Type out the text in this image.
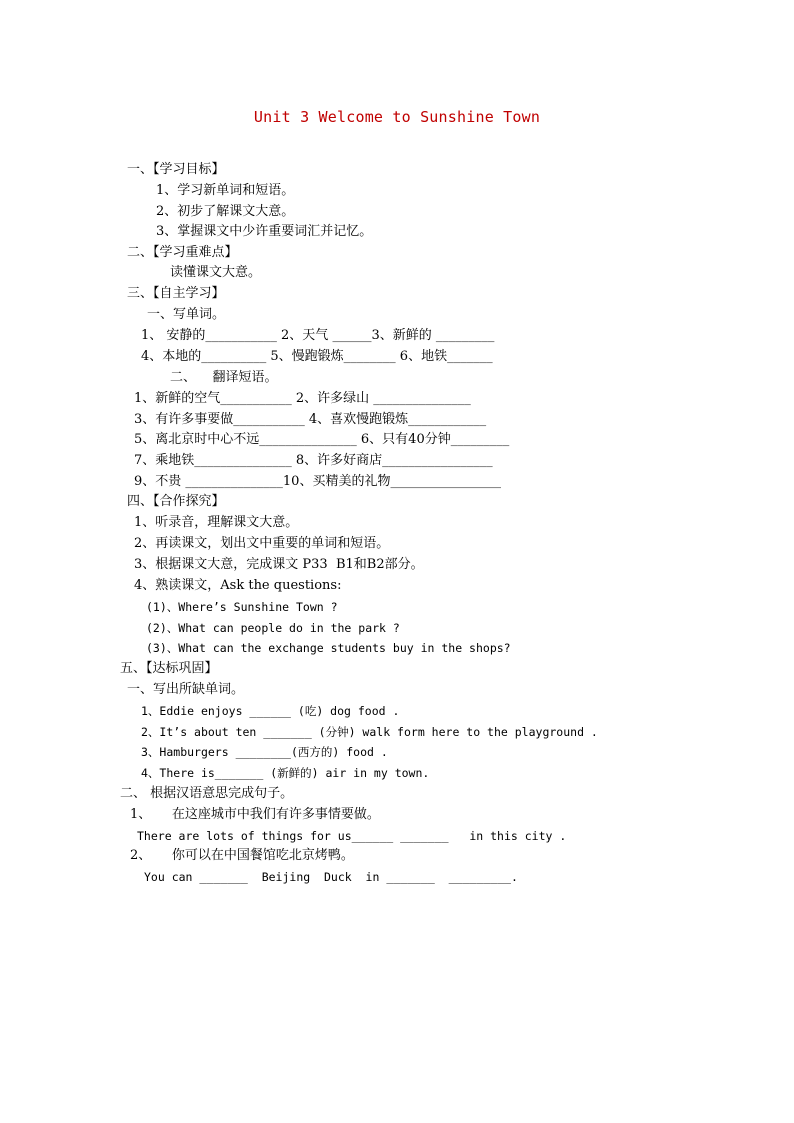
Unit 3 Welcome to Sunshine Town
一、【学习目标】
1、学习新单词和短语。
2、初步了解课文大意。
3、掌握课文中少许重要词汇并记忆。
二、【学习重难点】
读懂课文大意。
三、【自主学习】
一、写单词。
1、 安静的___________ 2、天气 ______3、新鲜的 _________
4、本地的__________ 5、慢跑锻炼________ 6、地铁_______
二、    翻译短语。
1、新鲜的空气___________ 2、许多绿山 _______________
3、有许多事要做___________ 4、喜欢慢跑锻炼____________
5、离北京时中心不远_______________ 6、只有40分钟_________
7、乘地铁_______________ 8、许多好商店_________________
9、不贵 _______________10、买精美的礼物_________________
四、【合作探究】
1、听录音，理解课文大意。
2、再读课文，划出文中重要的单词和短语。
3、根据课文大意，完成课文 P33  B1和B2部分。
4、熟读课文，Ask the questions:
(1)、Where’s Sunshine Town ?
(2)、What can people do in the park ?
(3)、What can the exchange students buy in the shops?
五、【达标巩固】
一、写出所缺单词。
1、Eddie enjoys ______ (吃) dog food .
2、It’s about ten _______ (分钟) walk form here to the playground .
3、Hamburgers ________(西方的) food .
4、There is_______ (新鲜的) air in my town.
二、 根据汉语意思完成句子。
1、     在这座城市中我们有许多事情要做。
There are lots of things for us______ _______   in this city .
2、     你可以在中国餐馆吃北京烤鸭。
You can _______  Beijing  Duck  in _______  _________.
